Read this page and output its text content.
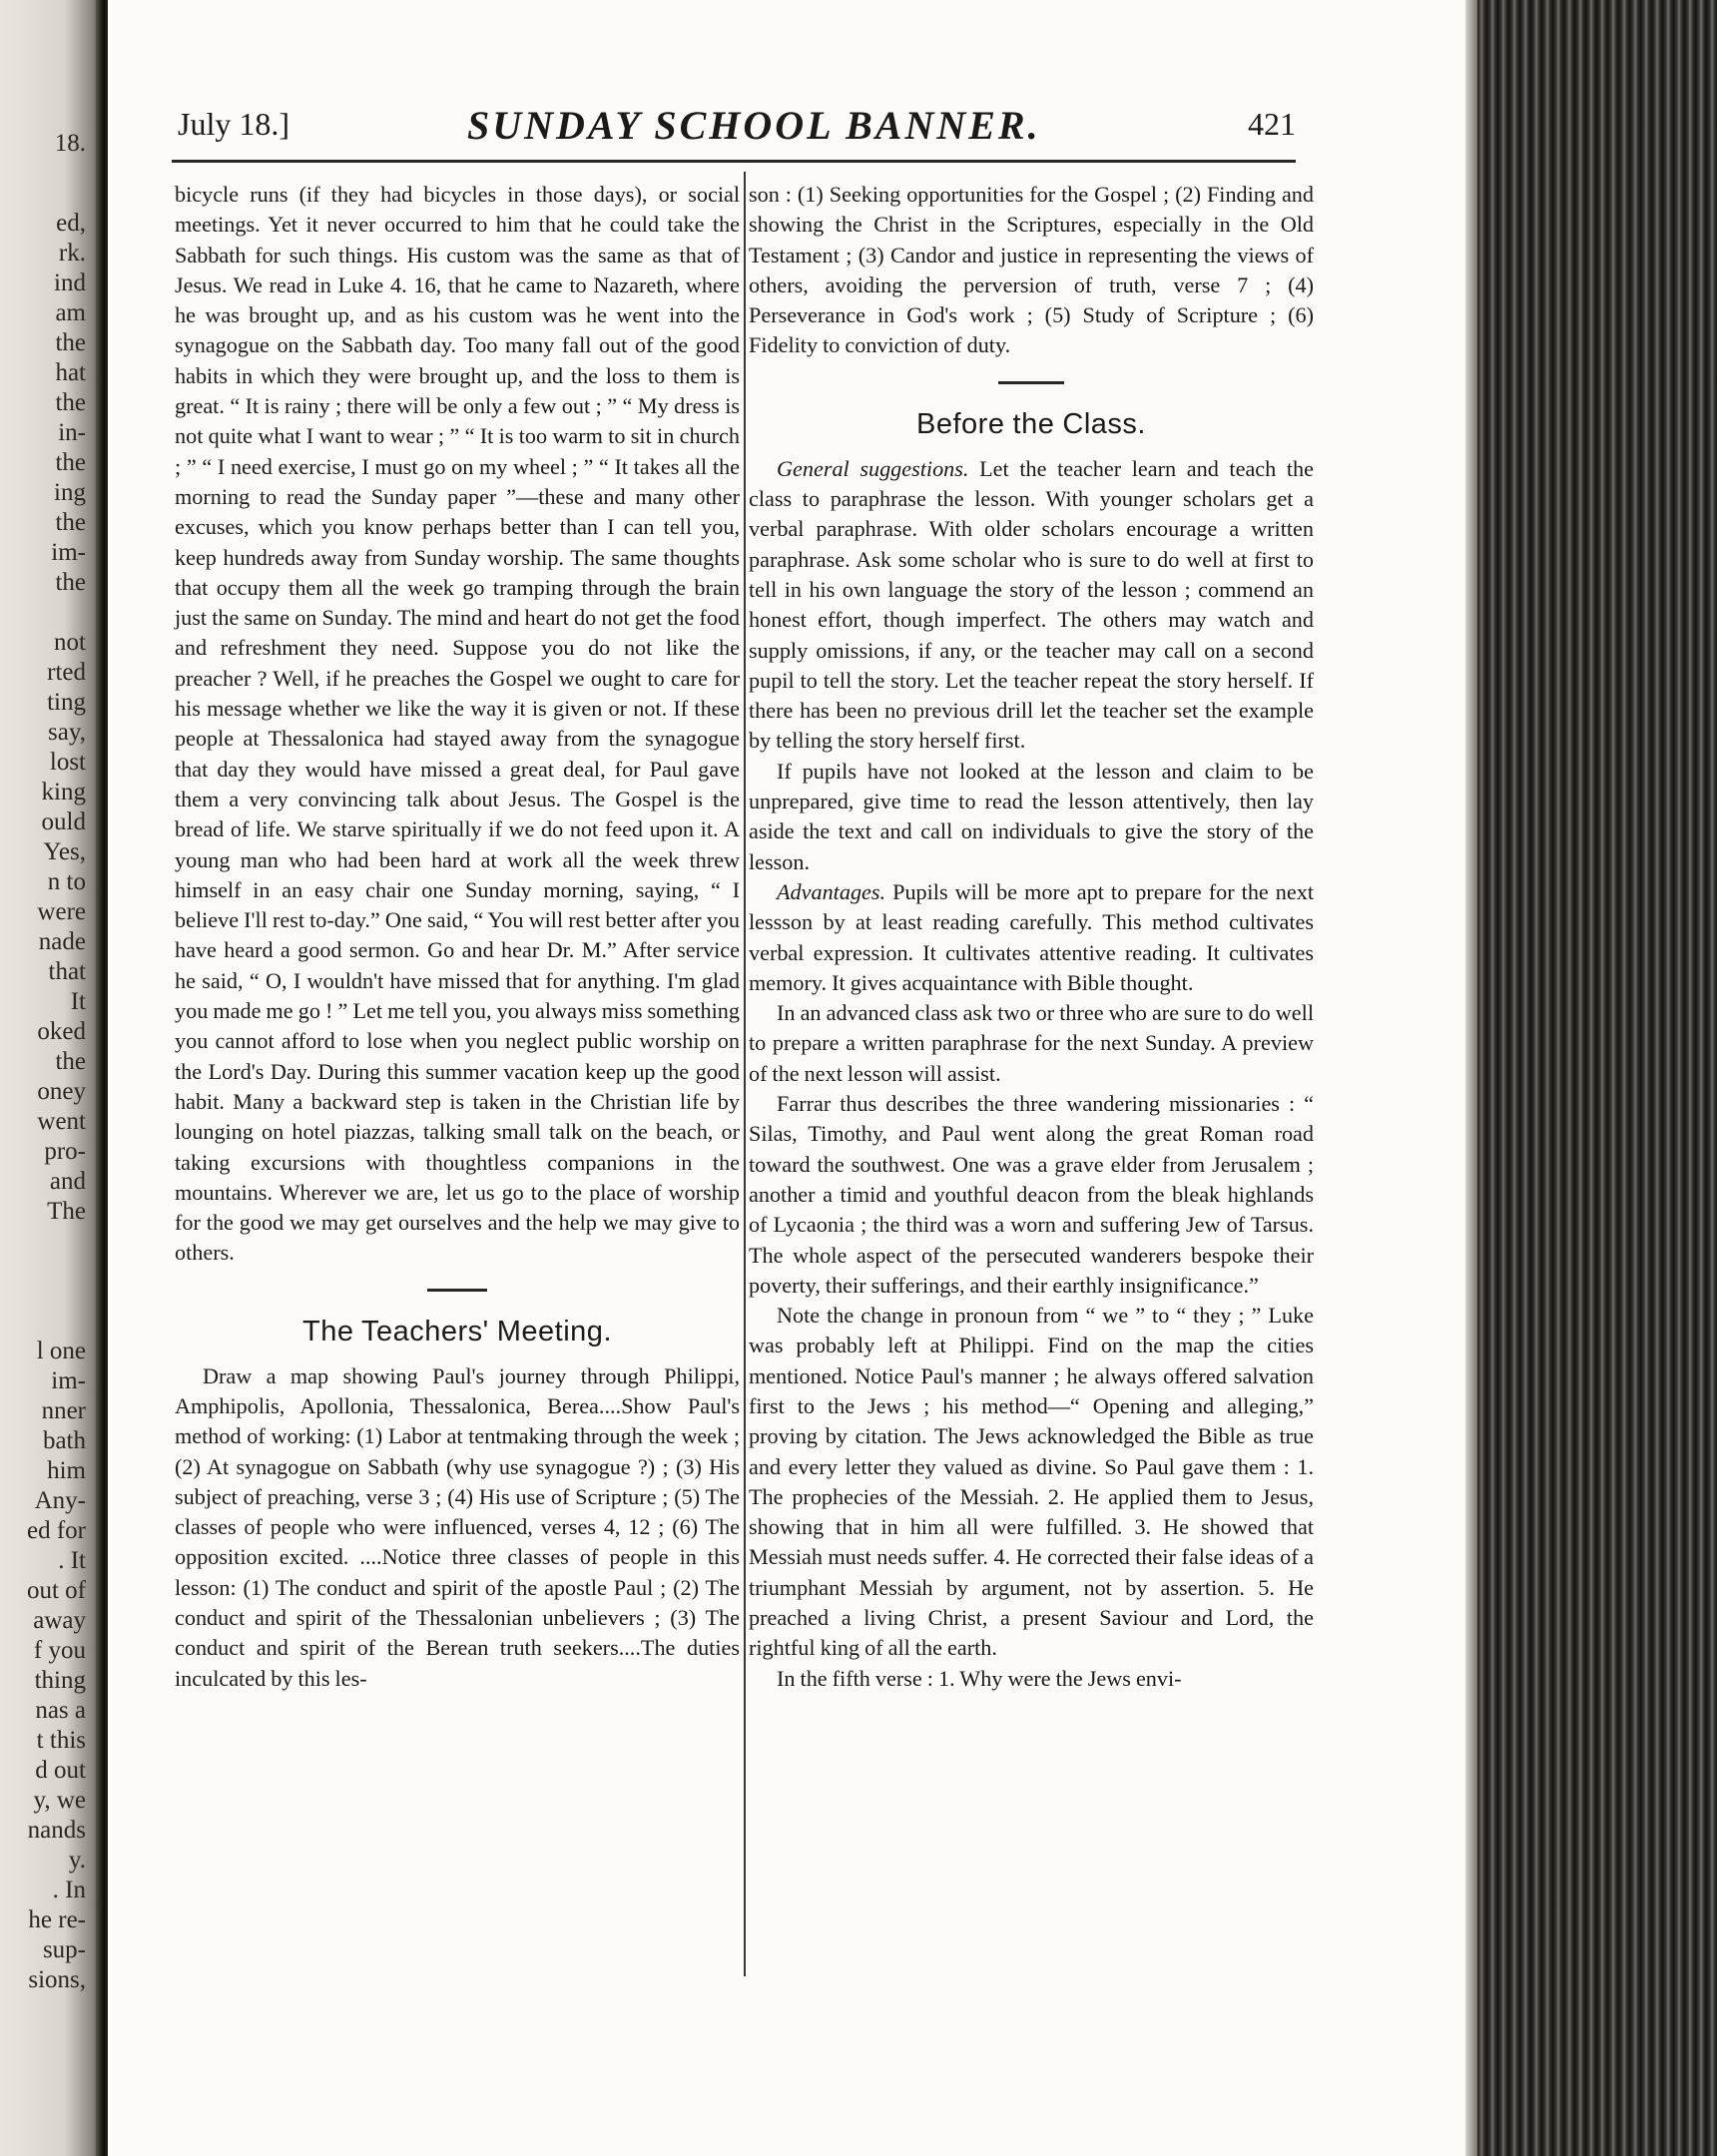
18.
ed,
rk.
ind
am
the
hat
the
in-
the
ing
the
im-
the
not
rted
ting
say,
lost
king
ould
Yes,
n to
were
nade
that
It
oked
the
oney
went
pro-
and
The
l one
im-
nner
bath
him
Any-
ed for
. It
out of
away
f you
thing
nas a
t this
d out
y, we
nands
y.
. In
he re-
sup-
sions,
July 18.]	SUNDAY SCHOOL BANNER.	421

bicycle runs (if they had bicycles in those days), or social meetings. Yet it never occurred to him that he could take the Sabbath for such things. His custom was the same as that of Jesus. We read in Luke 4. 16, that he came to Nazareth, where he was brought up, and as his custom was he went into the synagogue on the Sabbath day. Too many fall out of the good habits in which they were brought up, and the loss to them is great. “ It is rainy ; there will be only a few out ; ” “ My dress is not quite what I want to wear ; ” “ It is too warm to sit in church ; ” “ I need exercise, I must go on my wheel ; ” “ It takes all the morning to read the Sunday paper ”—these and many other excuses, which you know perhaps better than I can tell you, keep hundreds away from Sunday worship. The same thoughts that occupy them all the week go tramping through the brain just the same on Sunday. The mind and heart do not get the food and refreshment they need. Suppose you do not like the preacher ? Well, if he preaches the Gospel we ought to care for his message whether we like the way it is given or not. If these people at Thessalonica had stayed away from the synagogue that day they would have missed a great deal, for Paul gave them a very convincing talk about Jesus. The Gospel is the bread of life. We starve spiritually if we do not feed upon it. A young man who had been hard at work all the week threw himself in an easy chair one Sunday morning, saying, “ I believe I'll rest to-day.” One said, “ You will rest better after you have heard a good sermon. Go and hear Dr. M.” After service he said, “ O, I wouldn't have missed that for anything. I'm glad you made me go ! ” Let me tell you, you always miss something you cannot afford to lose when you neglect public worship on the Lord's Day. During this summer vacation keep up the good habit. Many a backward step is taken in the Christian life by lounging on hotel piazzas, talking small talk on the beach, or taking excursions with thoughtless companions in the mountains. Wherever we are, let us go to the place of worship for the good we may get ourselves and the help we may give to others.

The Teachers' Meeting.

Draw a map showing Paul's journey through Philippi, Amphipolis, Apollonia, Thessalonica, Berea....Show Paul's method of working: (1) Labor at tentmaking through the week ; (2) At synagogue on Sabbath (why use synagogue ?) ; (3) His subject of preaching, verse 3 ; (4) His use of Scripture ; (5) The classes of people who were influenced, verses 4, 12 ; (6) The opposition excited. ....Notice three classes of people in this lesson: (1) The conduct and spirit of the apostle Paul ; (2) The conduct and spirit of the Thessalonian unbelievers ; (3) The conduct and spirit of the Berean truth seekers....The duties inculcated by this les-

son : (1) Seeking opportunities for the Gospel ; (2) Finding and showing the Christ in the Scriptures, especially in the Old Testament ; (3) Candor and justice in representing the views of others, avoiding the perversion of truth, verse 7 ; (4) Perseverance in God's work ; (5) Study of Scripture ; (6) Fidelity to conviction of duty.

Before the Class.

General suggestions. Let the teacher learn and teach the class to paraphrase the lesson. With younger scholars get a verbal paraphrase. With older scholars encourage a written paraphrase. Ask some scholar who is sure to do well at first to tell in his own language the story of the lesson ; commend an honest effort, though imperfect. The others may watch and supply omissions, if any, or the teacher may call on a second pupil to tell the story. Let the teacher repeat the story herself. If there has been no previous drill let the teacher set the example by telling the story herself first.

If pupils have not looked at the lesson and claim to be unprepared, give time to read the lesson attentively, then lay aside the text and call on individuals to give the story of the lesson.

Advantages. Pupils will be more apt to prepare for the next lessson by at least reading carefully. This method cultivates verbal expression. It cultivates attentive reading. It cultivates memory. It gives acquaintance with Bible thought.

In an advanced class ask two or three who are sure to do well to prepare a written paraphrase for the next Sunday. A preview of the next lesson will assist.

Farrar thus describes the three wandering missionaries : “ Silas, Timothy, and Paul went along the great Roman road toward the southwest. One was a grave elder from Jerusalem ; another a timid and youthful deacon from the bleak highlands of Lycaonia ; the third was a worn and suffering Jew of Tarsus. The whole aspect of the persecuted wanderers bespoke their poverty, their sufferings, and their earthly insignificance.”

Note the change in pronoun from “ we ” to “ they ; ” Luke was probably left at Philippi. Find on the map the cities mentioned. Notice Paul's manner ; he always offered salvation first to the Jews ; his method—“ Opening and alleging,” proving by citation. The Jews acknowledged the Bible as true and every letter they valued as divine. So Paul gave them : 1. The prophecies of the Messiah. 2. He applied them to Jesus, showing that in him all were fulfilled. 3. He showed that Messiah must needs suffer. 4. He corrected their false ideas of a triumphant Messiah by argument, not by assertion. 5. He preached a living Christ, a present Saviour and Lord, the rightful king of all the earth.

In the fifth verse : 1. Why were the Jews envi-
